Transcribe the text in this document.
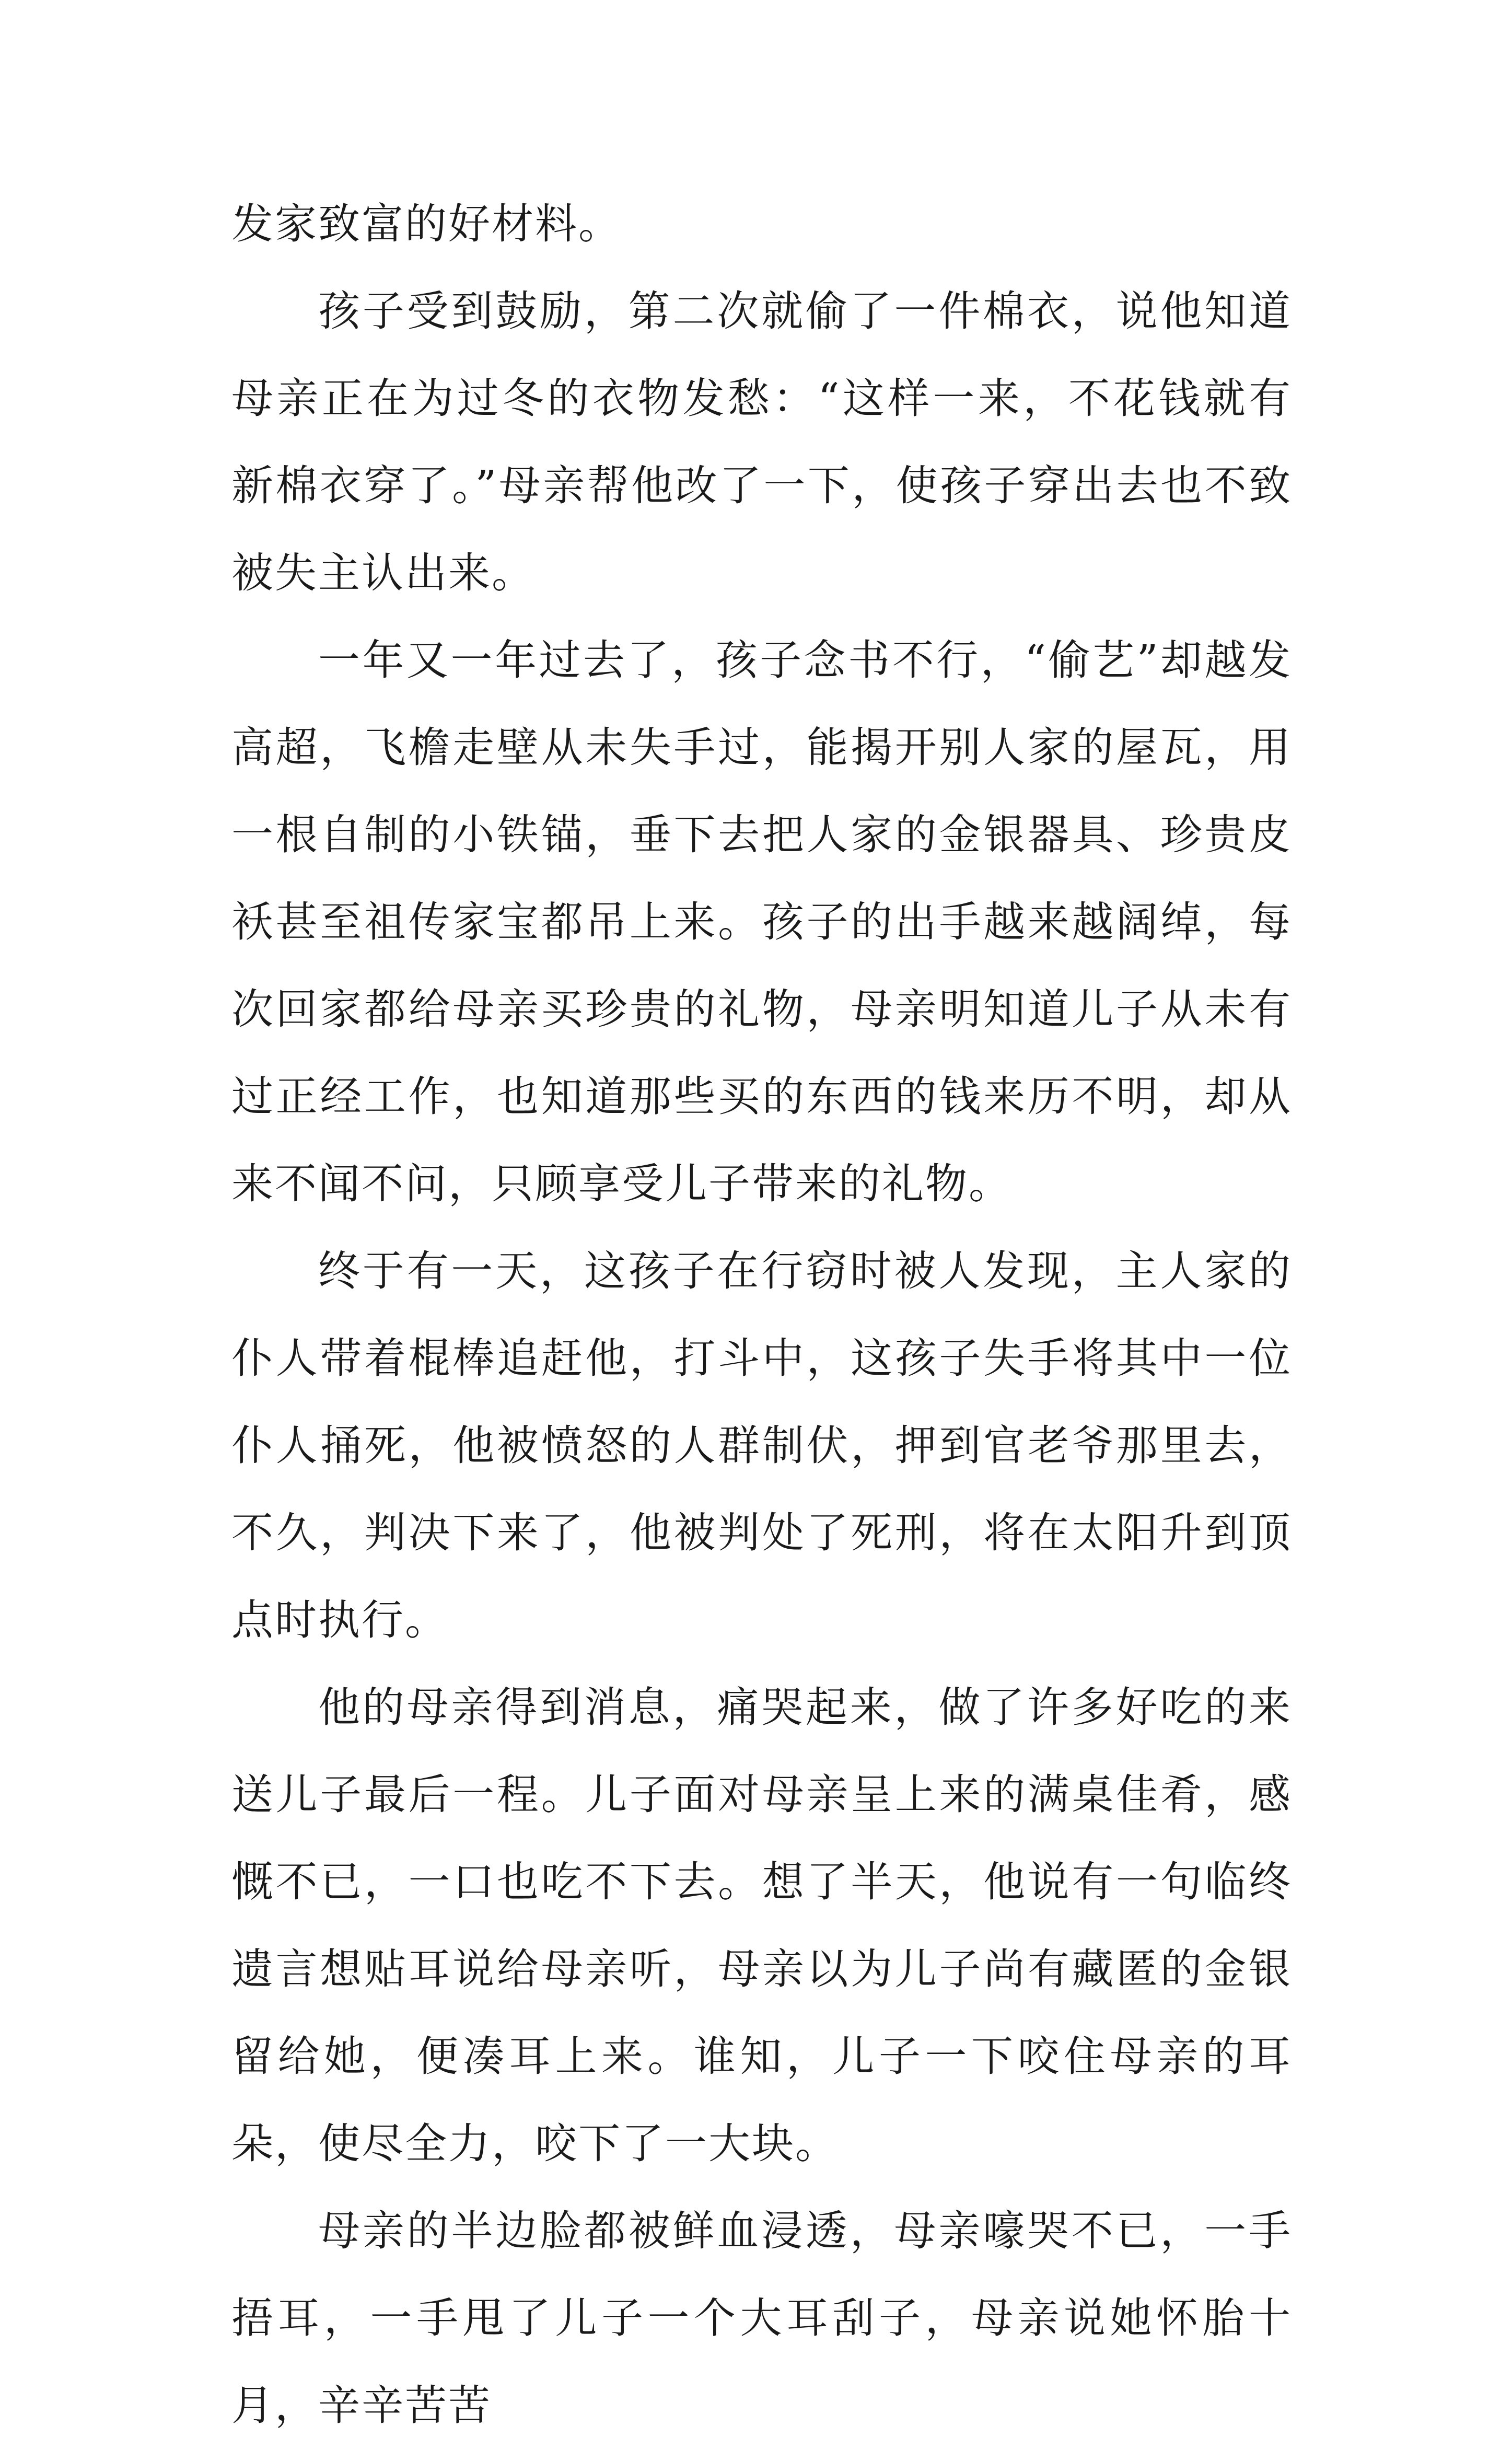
发家致富的好材料。

孩子受到鼓励，第二次就偷了一件棉衣，说他知道母亲正在为过冬的衣物发愁：“这样一来，不花钱就有新棉衣穿了。”母亲帮他改了一下，使孩子穿出去也不致被失主认出来。

一年又一年过去了，孩子念书不行，“偷艺”却越发高超，飞檐走壁从未失手过，能揭开别人家的屋瓦，用一根自制的小铁锚，垂下去把人家的金银器具、珍贵皮袄甚至祖传家宝都吊上来。孩子的出手越来越阔绰，每次回家都给母亲买珍贵的礼物，母亲明知道儿子从未有过正经工作，也知道那些买的东西的钱来历不明，却从来不闻不问，只顾享受儿子带来的礼物。

终于有一天，这孩子在行窃时被人发现，主人家的仆人带着棍棒追赶他，打斗中，这孩子失手将其中一位仆人捅死，他被愤怒的人群制伏，押到官老爷那里去，不久，判决下来了，他被判处了死刑，将在太阳升到顶点时执行。

他的母亲得到消息，痛哭起来，做了许多好吃的来送儿子最后一程。儿子面对母亲呈上来的满桌佳肴，感慨不已，一口也吃不下去。想了半天，他说有一句临终遗言想贴耳说给母亲听，母亲以为儿子尚有藏匿的金银留给她，便凑耳上来。谁知，儿子一下咬住母亲的耳朵，使尽全力，咬下了一大块。

母亲的半边脸都被鲜血浸透，母亲嚎哭不已，一手捂耳，一手甩了儿子一个大耳刮子，母亲说她怀胎十月，辛辛苦苦
